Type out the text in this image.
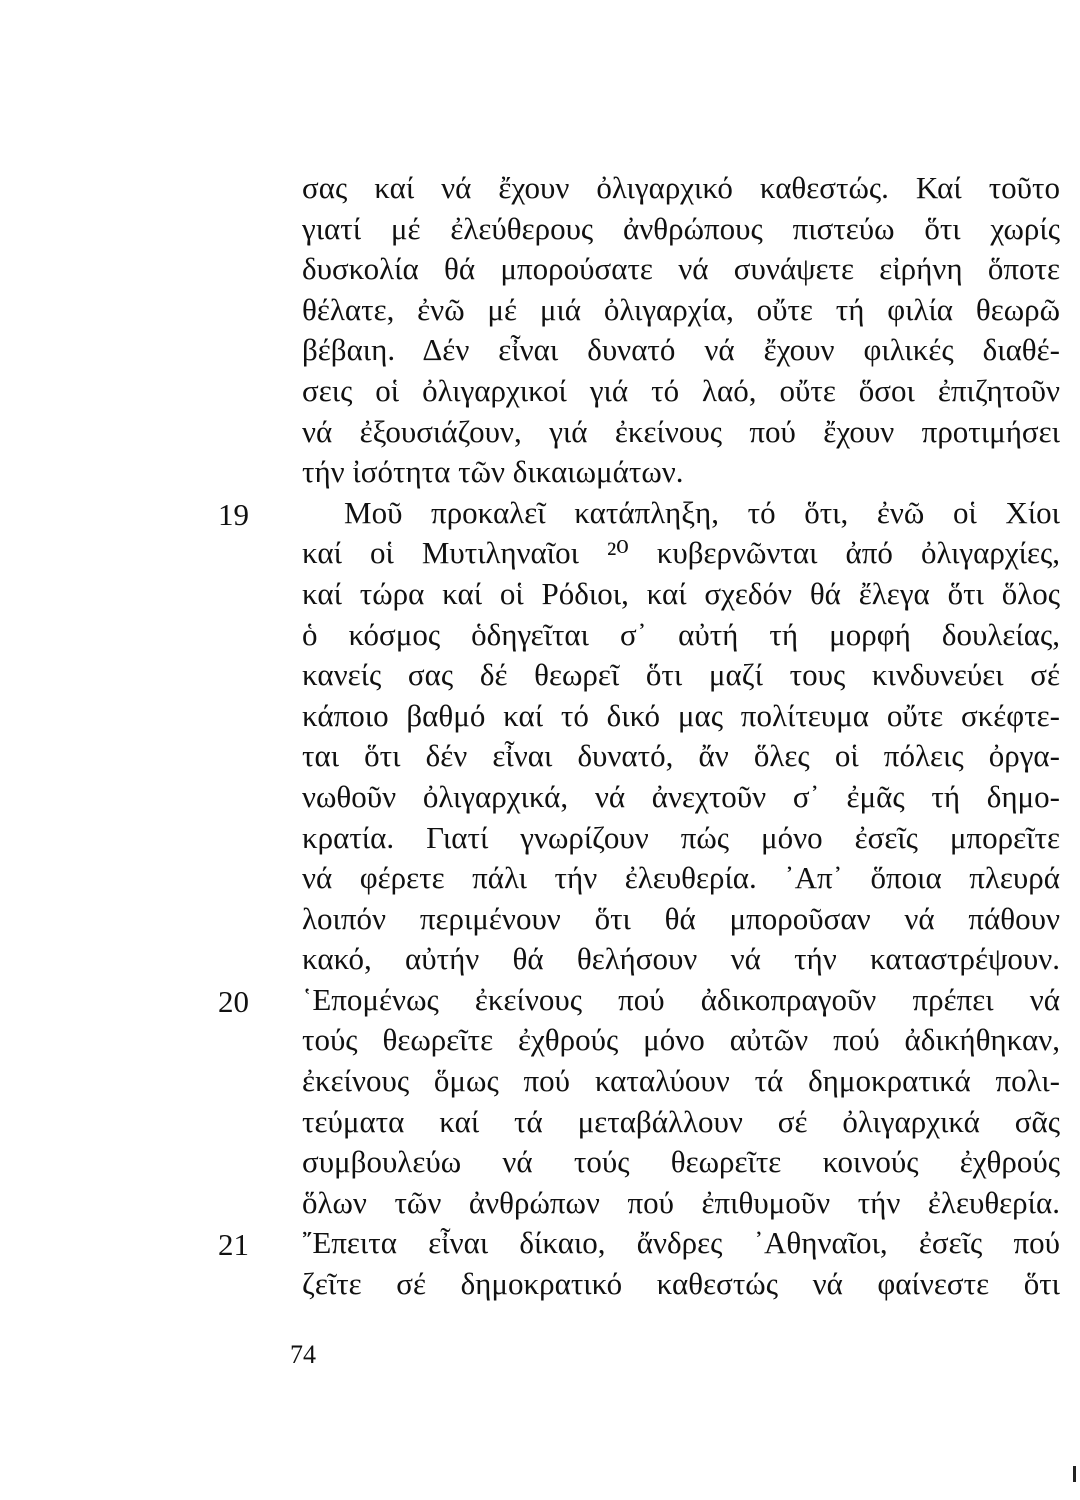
19
20
21
σας καί νά ἔχουν ὀλιγαρχικό καθεστώς. Καί τοῦτο
γιατί μέ ἐλεύθερους ἀνθρώπους πιστεύω ὅτι χωρίς
δυσκολία θά μπορούσατε νά συνάψετε εἰρήνη ὅποτε
θέλατε, ἐνῶ μέ μιά ὀλιγαρχία, οὔτε τή φιλία θεωρῶ
βέβαιη. Δέν εἶναι δυνατό νά ἔχουν φιλικές διαθέ-
σεις οἱ ὀλιγαρχικοί γιά τό λαό, οὔτε ὅσοι ἐπιζητοῦν
νά ἐξουσιάζουν, γιά ἐκείνους πού ἔχουν προτιμήσει
τήν ἰσότητα τῶν δικαιωμάτων.
Μοῦ προκαλεῖ κατάπληξη, τό ὅτι, ἐνῶ οἱ Χίοι
καί οἱ Μυτιληναῖοι ²⁰ κυβερνῶνται ἀπό ὀλιγαρχίες,
καί τώρα καί οἱ Ρόδιοι, καί σχεδόν θά ἔλεγα ὅτι ὅλος
ὁ κόσμος ὁδηγεῖται σ᾽ αὐτή τή μορφή δουλείας,
κανείς σας δέ θεωρεῖ ὅτι μαζί τους κινδυνεύει σέ
κάποιο βαθμό καί τό δικό μας πολίτευμα οὔτε σκέφτε-
ται ὅτι δέν εἶναι δυνατό, ἄν ὅλες οἱ πόλεις ὀργα-
νωθοῦν ὀλιγαρχικά, νά ἀνεχτοῦν σ᾽ ἐμᾶς τή δημο-
κρατία. Γιατί γνωρίζουν πώς μόνο ἐσεῖς μπορεῖτε
νά φέρετε πάλι τήν ἐλευθερία. ᾽Απ᾽ ὅποια πλευρά
λοιπόν περιμένουν ὅτι θά μποροῦσαν νά πάθουν
κακό, αὐτήν θά θελήσουν νά τήν καταστρέψουν.
῾Επομένως ἐκείνους πού ἀδικοπραγοῦν πρέπει νά
τούς θεωρεῖτε ἐχθρούς μόνο αὐτῶν πού ἀδικήθηκαν,
ἐκείνους ὅμως πού καταλύουν τά δημοκρατικά πολι-
τεύματα καί τά μεταβάλλουν σέ ὀλιγαρχικά σᾶς
συμβουλεύω νά τούς θεωρεῖτε κοινούς ἐχθρούς
ὅλων τῶν ἀνθρώπων πού ἐπιθυμοῦν τήν ἐλευθερία.
῎Επειτα εἶναι δίκαιο, ἄνδρες ᾽Αθηναῖοι, ἐσεῖς πού
ζεῖτε σέ δημοκρατικό καθεστώς νά φαίνεστε ὅτι
74
